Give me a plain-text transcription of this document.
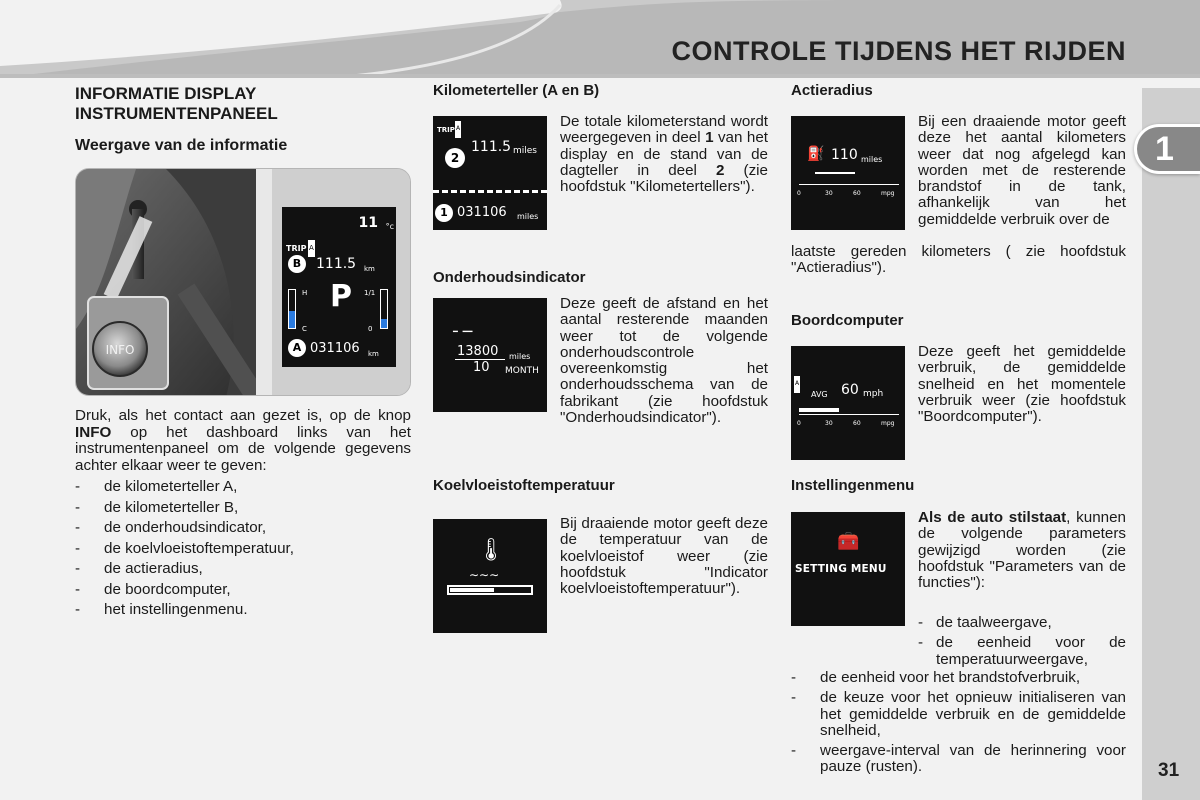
CONTROLE TIJDENS HET RIJDEN
1
31
INFORMATIE DISPLAY
INSTRUMENTENPANEEL
Weergave van de informatie
INFO
11 °c
TRIP A
B	111.5 km
H
C
P 1/1
0
A 031106 km
Druk, als het contact aan gezet is, op de knop INFO op het dashboard links van het instrumentenpaneel om de volgende gegevens achter elkaar weer te geven:
- de kilometerteller A,
- de kilometerteller B,
- de onderhoudsindicator,
- de koelvloeistoftemperatuur,
- de actieradius,
- de boordcomputer,
- het instellingenmenu.
Kilometerteller (A en B)
TRIP A
2
111.5 miles
1 031106 miles
De totale kilometerstand wordt weergegeven in deel 1 van het display en de stand van de dagteller in deel 2 (zie hoofdstuk "Kilometertellers").
Onderhoudsindicator
╴─
13800 miles
10 MONTH
Deze geeft de afstand en het aantal resterende maanden weer tot de volgende onderhoudscontrole overeenkomstig het onderhoudsschema van de fabrikant (zie hoofdstuk "Onderhoudsindicator").
Koelvloeistoftemperatuur
🌡
∼∼∼
Bij draaiende motor geeft deze de temperatuur van de koelvloeistof weer (zie hoofdstuk "Indicator koelvloeistoftemperatuur").
Actieradius
⛽ 110 miles
0	30	60	mpg
Bij een draaiende motor geeft deze het aantal kilometers weer dat nog afgelegd kan worden met de resterende brandstof in de tank, afhankelijk van het gemiddelde verbruik over de
laatste gereden kilometers ( zie hoofdstuk "Actieradius").
Boordcomputer
A
AVG 60 mph
0	30	60	mpg
Deze geeft het gemiddelde verbruik, de gemiddelde snelheid en het momentele verbruik weer (zie hoofdstuk "Boordcomputer").
Instellingenmenu
🧰
SETTING MENU
Als de auto stilstaat, kunnen de volgende parameters gewijzigd worden (zie hoofdstuk "Parameters van de functies"):
- de taalweergave,
- de eenheid voor de temperatuurweergave,
- de eenheid voor het brandstofverbruik,
- de keuze voor het opnieuw initialiseren van het gemiddelde verbruik en de gemiddelde snelheid,
- weergave-interval van de herinnering voor pauze (rusten).
